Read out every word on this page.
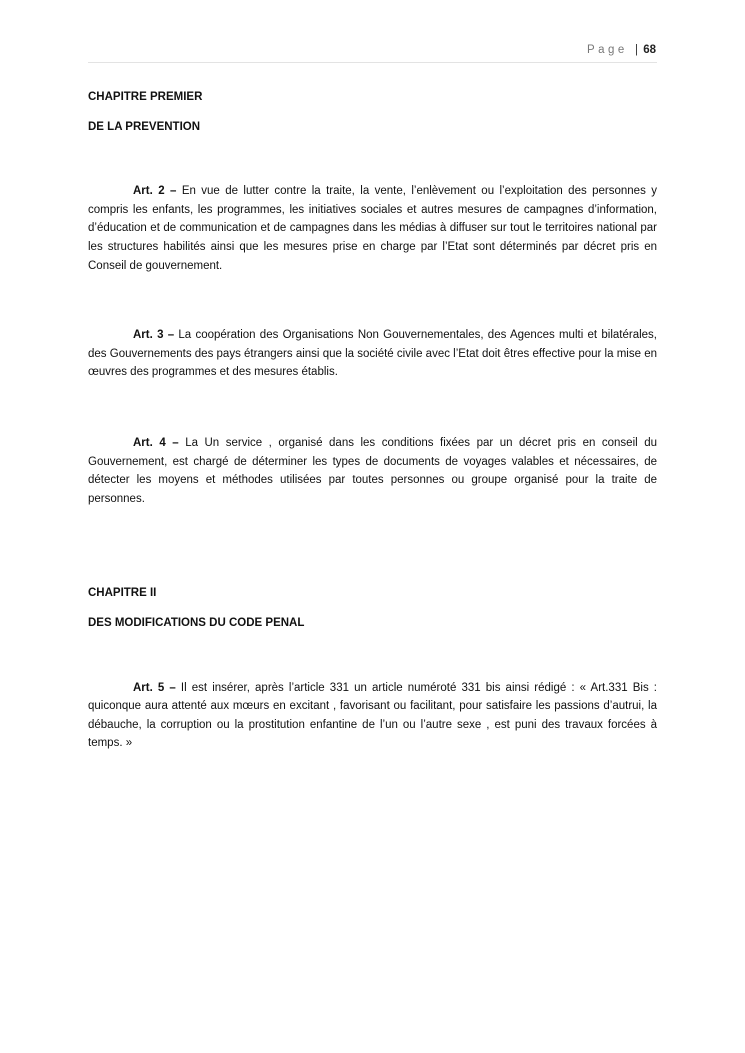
Page | 68

CHAPITRE PREMIER

DE LA PREVENTION

Art. 2 – En vue de lutter contre la traite, la vente, l’enlèvement ou l’exploitation des personnes y compris les enfants, les programmes, les initiatives sociales et autres mesures de campagnes d’information, d’éducation et de communication et de campagnes dans les médias à diffuser sur tout le territoires national par les structures habilités ainsi que les mesures prise en charge par l’Etat sont déterminés par décret pris en Conseil de gouvernement.

Art. 3 – La coopération des Organisations Non Gouvernementales, des Agences multi et bilatérales, des Gouvernements des pays étrangers ainsi que la société civile avec l’Etat doit êtres effective pour la mise en œuvres des programmes et des mesures établis.

Art. 4 – La Un service , organisé dans les conditions fixées par un décret pris en conseil du Gouvernement, est chargé de déterminer les types de documents de voyages valables et nécessaires, de détecter les moyens et méthodes utilisées par toutes personnes ou groupe organisé pour la traite de personnes.

CHAPITRE II

DES MODIFICATIONS DU CODE PENAL

Art. 5 – Il est insérer, après l’article 331 un article numéroté 331 bis ainsi rédigé : « Art.331 Bis : quiconque aura attenté aux mœurs en excitant , favorisant ou facilitant, pour satisfaire les passions d’autrui, la débauche, la corruption ou la prostitution enfantine de l’un ou l’autre sexe , est puni des travaux forcées à temps. »
